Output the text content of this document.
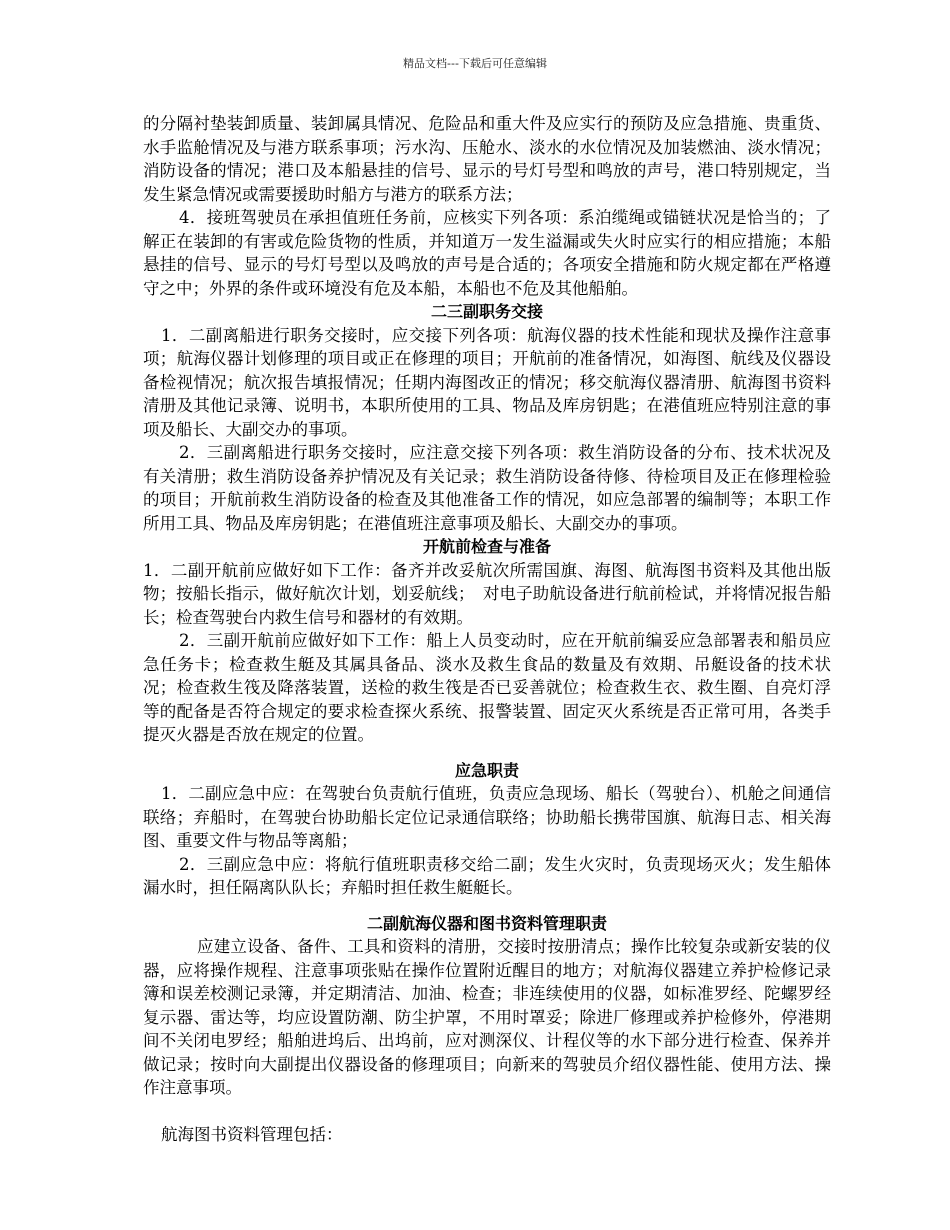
精品文档---下载后可任意编辑

的分隔衬垫装卸质量、装卸属具情况、危险品和重大件及应实行的预防及应急措施、贵重货、水手监舱情况及与港方联系事项；污水沟、压舱水、淡水的水位情况及加装燃油、淡水情况；消防设备的情况；港口及本船悬挂的信号、显示的号灯号型和鸣放的声号，港口特别规定，当发生紧急情况或需要援助时船方与港方的联系方法；

4．接班驾驶员在承担值班任务前，应核实下列各项：系泊缆绳或锚链状况是恰当的；了解正在装卸的有害或危险货物的性质，并知道万一发生溢漏或失火时应实行的相应措施；本船悬挂的信号、显示的号灯号型以及鸣放的声号是合适的；各项安全措施和防火规定都在严格遵守之中；外界的条件或环境没有危及本船，本船也不危及其他船舶。

二三副职务交接

1．二副离船进行职务交接时，应交接下列各项：航海仪器的技术性能和现状及操作注意事项；航海仪器计划修理的项目或正在修理的项目；开航前的准备情况，如海图、航线及仪器设备检视情况；航次报告填报情况；任期内海图改正的情况；移交航海仪器清册、航海图书资料清册及其他记录簿、说明书，本职所使用的工具、物品及库房钥匙；在港值班应特别注意的事项及船长、大副交办的事项。

2．三副离船进行职务交接时，应注意交接下列各项：救生消防设备的分布、技术状况及有关清册；救生消防设备养护情况及有关记录；救生消防设备待修、待检项目及正在修理检验的项目；开航前救生消防设备的检查及其他准备工作的情况，如应急部署的编制等；本职工作所用工具、物品及库房钥匙；在港值班注意事项及船长、大副交办的事项。

开航前检查与准备

1．二副开航前应做好如下工作：备齐并改妥航次所需国旗、海图、航海图书资料及其他出版物；按船长指示，做好航次计划，划妥航线；　对电子助航设备进行航前检试，并将情况报告船长；检查驾驶台内救生信号和器材的有效期。

2．三副开航前应做好如下工作：船上人员变动时，应在开航前编妥应急部署表和船员应急任务卡；检查救生艇及其属具备品、淡水及救生食品的数量及有效期、吊艇设备的技术状况；检查救生筏及降落装置，送检的救生筏是否已妥善就位；检查救生衣、救生圈、自亮灯浮等的配备是否符合规定的要求检查探火系统、报警装置、固定灭火系统是否正常可用，各类手提灭火器是否放在规定的位置。

应急职责

1．二副应急中应：在驾驶台负责航行值班，负责应急现场、船长（驾驶台）、机舱之间通信联络；弃船时，在驾驶台协助船长定位记录通信联络；协助船长携带国旗、航海日志、相关海图、重要文件与物品等离船；

2．三副应急中应：将航行值班职责移交给二副；发生火灾时，负责现场灭火；发生船体漏水时，担任隔离队队长；弃船时担任救生艇艇长。

二副航海仪器和图书资料管理职责

应建立设备、备件、工具和资料的清册，交接时按册清点；操作比较复杂或新安装的仪器，应将操作规程、注意事项张贴在操作位置附近醒目的地方；对航海仪器建立养护检修记录簿和误差校测记录簿，并定期清洁、加油、检查；非连续使用的仪器，如标准罗经、陀螺罗经复示器、雷达等，均应设置防潮、防尘护罩，不用时罩妥；除进厂修理或养护检修外，停港期间不关闭电罗经；船舶进坞后、出坞前，应对测深仪、计程仪等的水下部分进行检查、保养并做记录；按时向大副提出仪器设备的修理项目；向新来的驾驶员介绍仪器性能、使用方法、操作注意事项。

航海图书资料管理包括：
